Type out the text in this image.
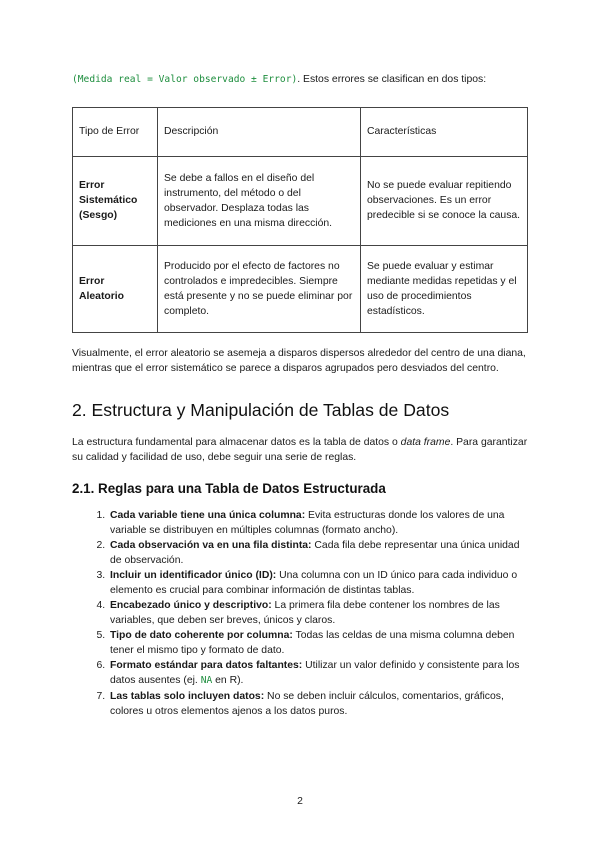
(Medida real = Valor observado ± Error). Estos errores se clasifican en dos tipos:

Tipo de Error	Descripción	Características
Error Sistemático (Sesgo)	Se debe a fallos en el diseño del instrumento, del método o del observador. Desplaza todas las mediciones en una misma dirección.	No se puede evaluar repitiendo observaciones. Es un error predecible si se conoce la causa.
Error Aleatorio	Producido por el efecto de factores no controlados e impredecibles. Siempre está presente y no se puede eliminar por completo.	Se puede evaluar y estimar mediante medidas repetidas y el uso de procedimientos estadísticos.

Visualmente, el error aleatorio se asemeja a disparos dispersos alrededor del centro de una diana, mientras que el error sistemático se parece a disparos agrupados pero desviados del centro.

2. Estructura y Manipulación de Tablas de Datos

La estructura fundamental para almacenar datos es la tabla de datos o data frame. Para garantizar su calidad y facilidad de uso, debe seguir una serie de reglas.

2.1. Reglas para una Tabla de Datos Estructurada
1. Cada variable tiene una única columna: Evita estructuras donde los valores de una variable se distribuyen en múltiples columnas (formato ancho).
2. Cada observación va en una fila distinta: Cada fila debe representar una única unidad de observación.
3. Incluir un identificador único (ID): Una columna con un ID único para cada individuo o elemento es crucial para combinar información de distintas tablas.
4. Encabezado único y descriptivo: La primera fila debe contener los nombres de las variables, que deben ser breves, únicos y claros.
5. Tipo de dato coherente por columna: Todas las celdas de una misma columna deben tener el mismo tipo y formato de dato.
6. Formato estándar para datos faltantes: Utilizar un valor definido y consistente para los datos ausentes (ej. NA en R).
7. Las tablas solo incluyen datos: No se deben incluir cálculos, comentarios, gráficos, colores u otros elementos ajenos a los datos puros.
2
